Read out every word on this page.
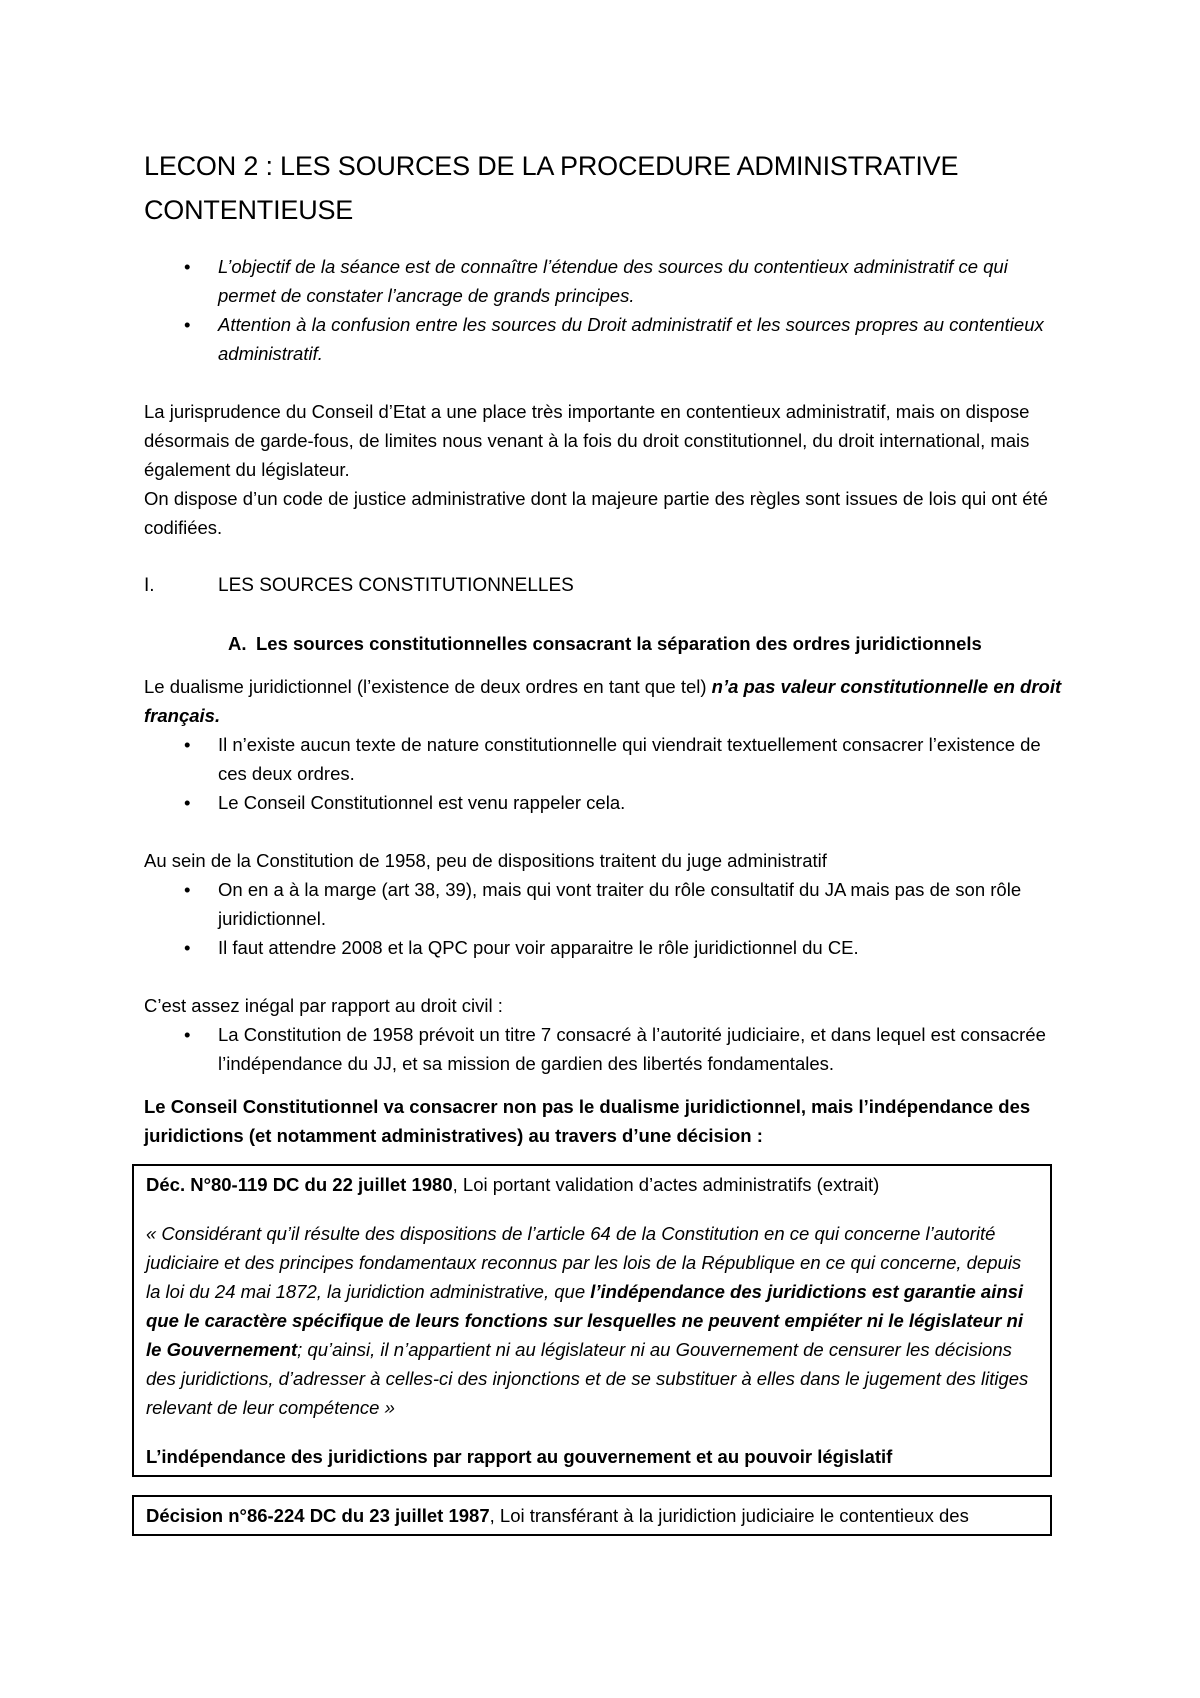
LECON 2 : LES SOURCES DE LA PROCEDURE ADMINISTRATIVE CONTENTIEUSE
• L’objectif de la séance est de connaître l’étendue des sources du contentieux administratif ce qui permet de constater l’ancrage de grands principes.
• Attention à la confusion entre les sources du Droit administratif et les sources propres au contentieux administratif.

La jurisprudence du Conseil d’Etat a une place très importante en contentieux administratif, mais on dispose désormais de garde-fous, de limites nous venant à la fois du droit constitutionnel, du droit international, mais également du législateur.

On dispose d’un code de justice administrative dont la majeure partie des règles sont issues de lois qui ont été codifiées.

I.	LES SOURCES CONSTITUTIONNELLES
A. Les sources constitutionnelles consacrant la séparation des ordres juridictionnels

Le dualisme juridictionnel (l’existence de deux ordres en tant que tel) n’a pas valeur constitutionnelle en droit français.

• Il n’existe aucun texte de nature constitutionnelle qui viendrait textuellement consacrer l’existence de ces deux ordres.
• Le Conseil Constitutionnel est venu rappeler cela.

Au sein de la Constitution de 1958, peu de dispositions traitent du juge administratif

• On en a à la marge (art 38, 39), mais qui vont traiter du rôle consultatif du JA mais pas de son rôle juridictionnel.
• Il faut attendre 2008 et la QPC pour voir apparaitre le rôle juridictionnel du CE.

C’est assez inégal par rapport au droit civil :

• La Constitution de 1958 prévoit un titre 7 consacré à l’autorité judiciaire, et dans lequel est consacrée l’indépendance du JJ, et sa mission de gardien des libertés fondamentales.

Le Conseil Constitutionnel va consacrer non pas le dualisme juridictionnel, mais l’indépendance des juridictions (et notamment administratives) au travers d’une décision :

Déc. N°80-119 DC du 22 juillet 1980, Loi portant validation d’actes administratifs (extrait)

« Considérant qu’il résulte des dispositions de l’article 64 de la Constitution en ce qui concerne l’autorité judiciaire et des principes fondamentaux reconnus par les lois de la République en ce qui concerne, depuis la loi du 24 mai 1872, la juridiction administrative, que l’indépendance des juridictions est garantie ainsi que le caractère spécifique de leurs fonctions sur lesquelles ne peuvent empiéter ni le législateur ni le Gouvernement; qu’ainsi, il n’appartient ni au législateur ni au Gouvernement de censurer les décisions des juridictions, d’adresser à celles-ci des injonctions et de se substituer à elles dans le jugement des litiges relevant de leur compétence »

L’indépendance des juridictions par rapport au gouvernement et au pouvoir législatif

Décision n°86-224 DC du 23 juillet 1987, Loi transférant à la juridiction judiciaire le contentieux des
